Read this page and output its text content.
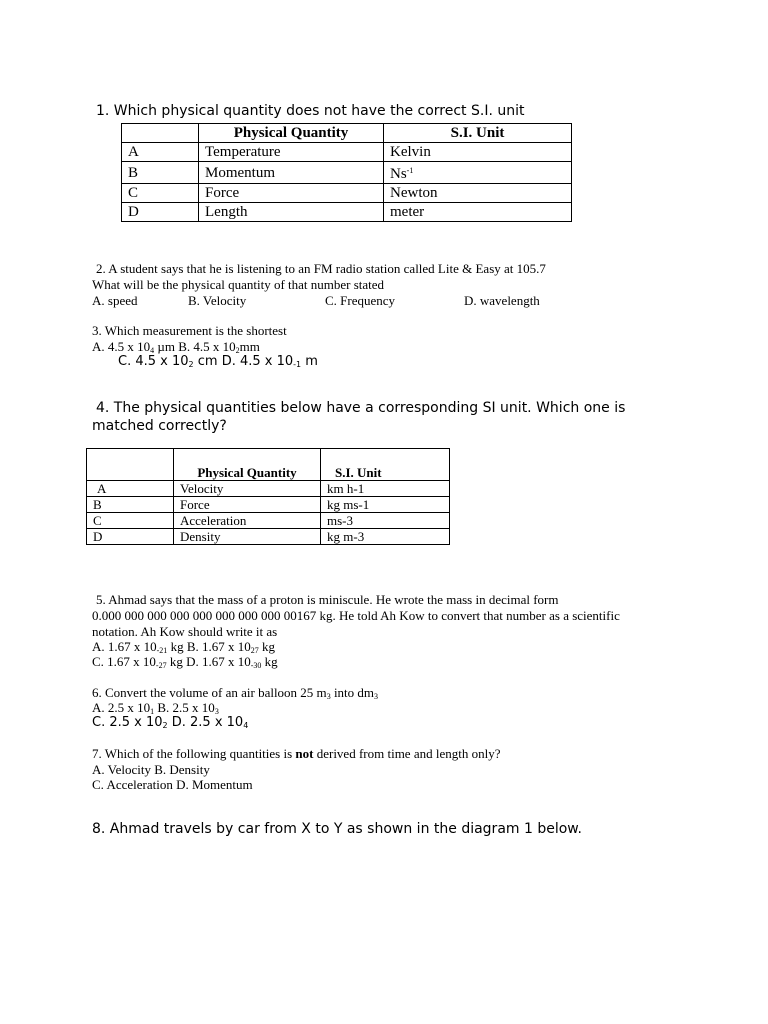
1. Which physical quantity does not have the correct S.I. unit
	Physical Quantity	S.I. Unit
A	Temperature	Kelvin
B	Momentum	$Ns^{-1}$
C	Force	Newton
D	Length	meter
2. A student says that he is listening to an FM radio station called Lite & Easy at 105.7
What will be the physical quantity of that number stated
A. speed	B. Velocity	C. Frequency	D. wavelength
3. Which measurement is the shortest
A. 4.5 x $10_4$ µm B. 4.5 x $10_2mm$
C. 4.5 x $10_2$ cm D. 4.5 x $10_{-1}$ m
4. The physical quantities below have a corresponding SI unit. Which one is
matched correctly?
	Physical Quantity	S.I. Unit
A	Velocity	km h-1
B	Force	kg ms-1
C	Acceleration	ms-3
D	Density	kg m-3
5. Ahmad says that the mass of a proton is miniscule. He wrote the mass in decimal form
0.000 000 000 000 000 000 000 000 00167 kg. He told Ah Kow to convert that number as a scientific
notation. Ah Kow should write it as
A. 1.67 x $10_{-21}$ kg B. 1.67 x $10_{27}$ kg
C. 1.67 x $10_{-27}$ kg D. 1.67 x $10_{-30}$ kg
6. Convert the volume of an air balloon 25 $m_3$ into $dm_3$
A. 2.5 x $10_1$ B. 2.5 x $10_3$
C. 2.5 x $10_2$ D. 2.5 x $10_4$
7. Which of the following quantities is not derived from time and length only?
A. Velocity B. Density
C. Acceleration D. Momentum
8. Ahmad travels by car from X to Y as shown in the diagram 1 below.
